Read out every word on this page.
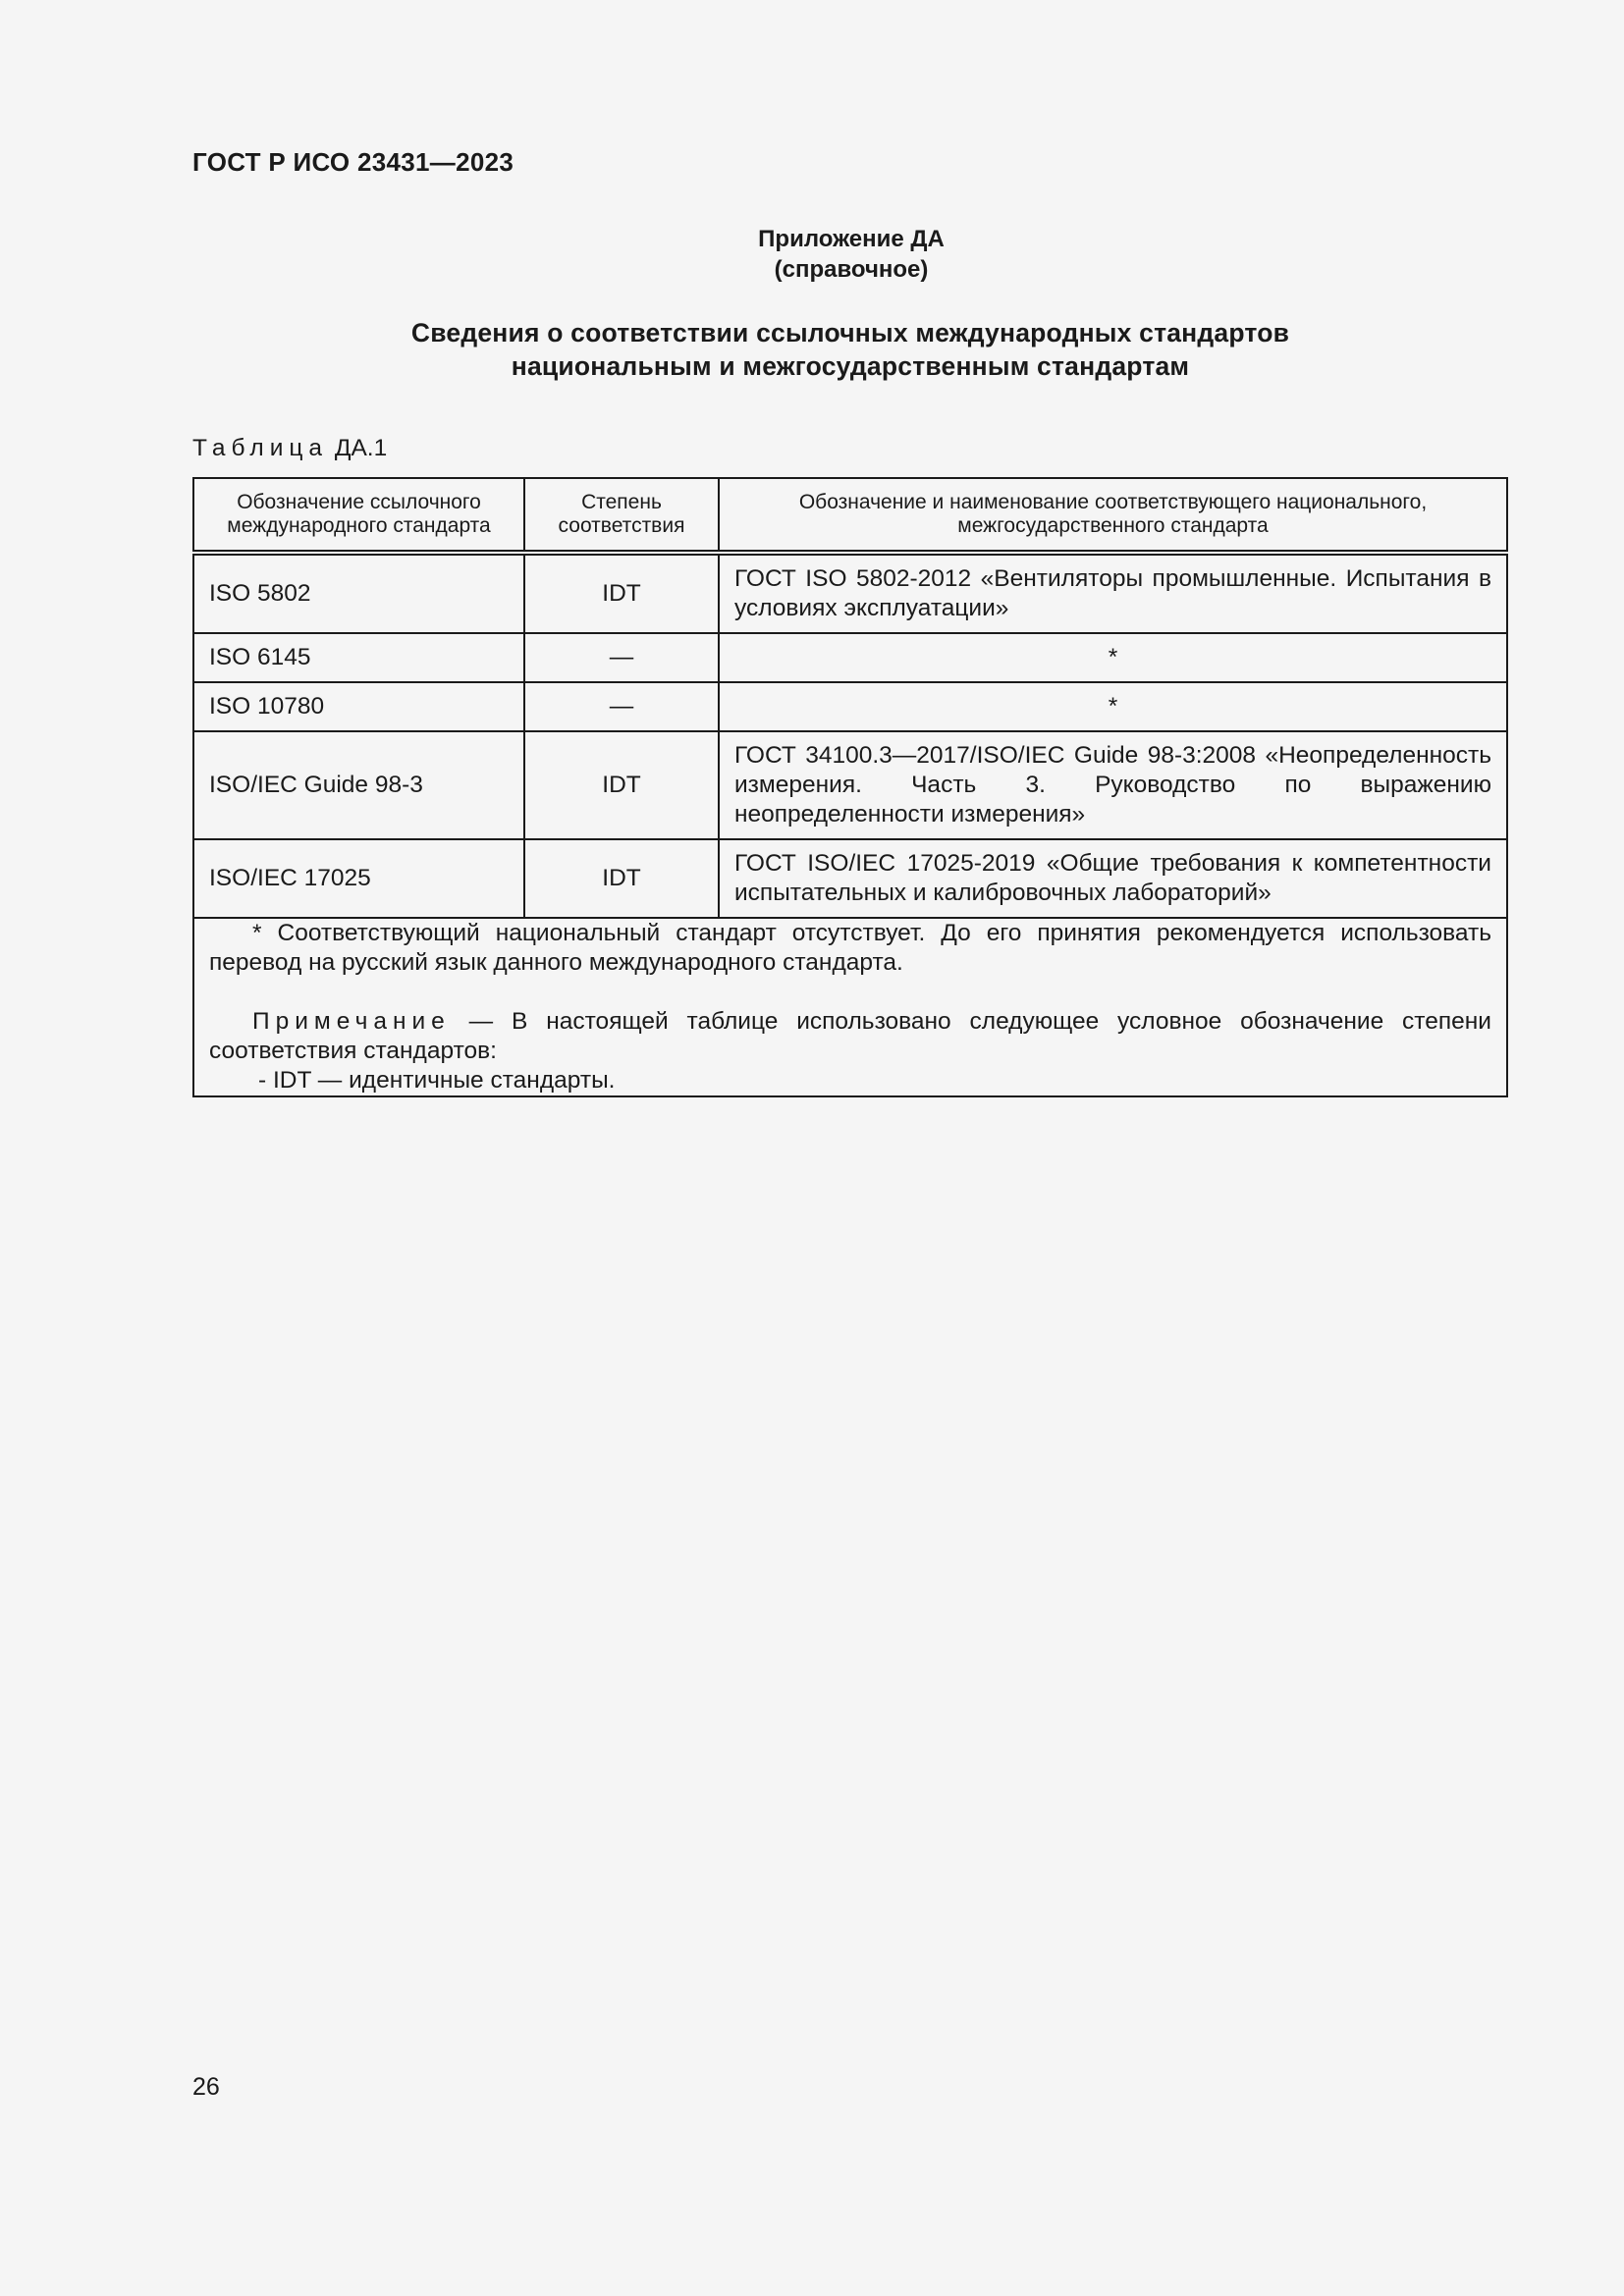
ГОСТ Р ИСО 23431—2023
Приложение ДА
(справочное)
Сведения о соответствии ссылочных международных стандартов
национальным и межгосударственным стандартам
Таблица ДА.1
Обозначение ссылочного международного стандарта	Степень соответствия	Обозначение и наименование соответствующего национального, межгосударственного стандарта
ISO 5802	IDT	ГОСТ ISO 5802-2012 «Вентиляторы промышленные. Испытания в условиях эксплуатации»
ISO 6145	—	*
ISO 10780	—	*
ISO/IEC Guide 98-3	IDT	ГОСТ 34100.3—2017/ISO/IEC Guide 98-3:2008 «Неопределенность измерения. Часть 3. Руководство по выражению неопределенности измерения»
ISO/IEC 17025	IDT	ГОСТ ISO/IEC 17025-2019 «Общие требования к компетентности испытательных и калибровочных лабораторий»

* Соответствующий национальный стандарт отсутствует. До его принятия рекомендуется использовать перевод на русский язык данного международного стандарта.
Примечание — В настоящей таблице использовано следующее условное обозначение степени соответствия стандартов:
- IDT — идентичные стандарты.		
26
